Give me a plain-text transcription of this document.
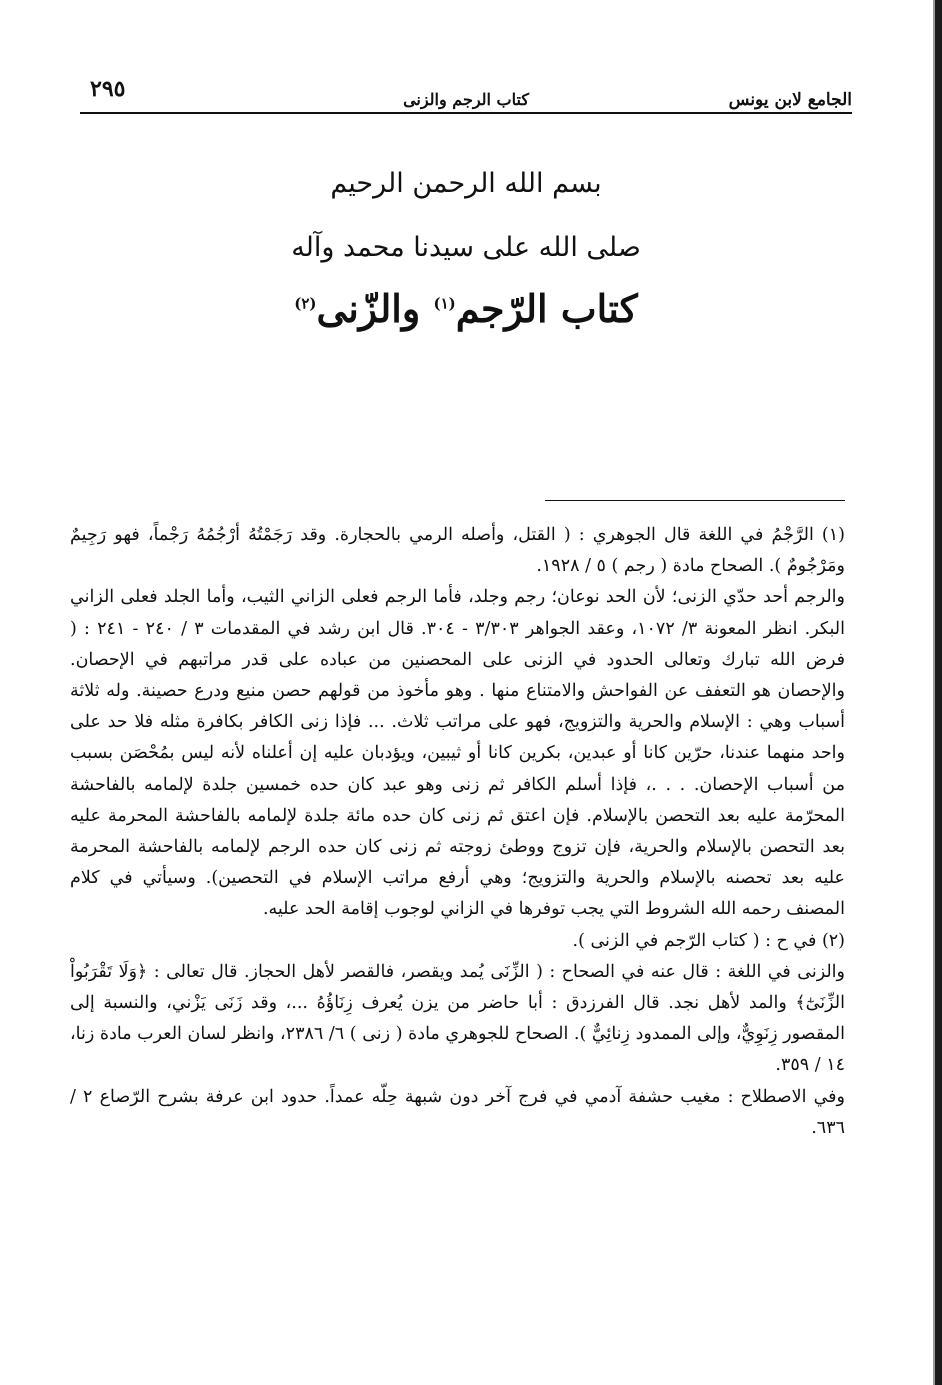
الجامع لابن يونس
كتاب الرجم والزنى
٢٩٥
بسم الله الرحمن الرحيم
صلى الله على سيدنا محمد وآله
كتاب الرّجم$^{(١)}$ والزّنى$^{(٢)}$

(١) الرَّجْمُ في اللغة قال الجوهري : ( القتل، وأصله الرمي بالحجارة. وقد رَجَمْتُهُ أرْجُمُهُ رَجْماً، فهو رَجِيمٌ ومَرْجُومٌ ). الصحاح مادة ( رجم ) ٥ / ١٩٢٨.

والرجم أحد حدّي الزنى؛ لأن الحد نوعان؛ رجم وجلد، فأما الرجم فعلى الزاني الثيب، وأما الجلد فعلى الزاني البكر. انظر المعونة ٣/ ١٠٧٢، وعقد الجواهر ٣/٣٠٣ - ٣٠٤. قال ابن رشد في المقدمات ٣ / ٢٤٠ - ٢٤١ : ( فرض الله تبارك وتعالى الحدود في الزنى على المحصنين من عباده على قدر مراتبهم في الإحصان. والإحصان هو التعفف عن الفواحش والامتناع منها . وهو مأخوذ من قولهم حصن منيع ودرع حصينة. وله ثلاثة أسباب وهي : الإسلام والحرية والتزويج، فهو على مراتب ثلاث. ... فإذا زنى الكافر بكافرة مثله فلا حد على واحد منهما عندنا، حرّين كانا أو عبدين، بكرين كانا أو ثيبين، ويؤدبان عليه إن أعلناه لأنه ليس بمُحْصَن بسبب من أسباب الإحصان. . . .، فإذا أسلم الكافر ثم زنى وهو عبد كان حده خمسين جلدة لإلمامه بالفاحشة المحرّمة عليه بعد التحصن بالإسلام. فإن اعتق ثم زنى كان حده مائة جلدة لإلمامه بالفاحشة المحرمة عليه بعد التحصن بالإسلام والحرية، فإن تزوج ووطئ زوجته ثم زنى كان حده الرجم لإلمامه بالفاحشة المحرمة عليه بعد تحصنه بالإسلام والحرية والتزويج؛ وهي أرفع مراتب الإسلام في التحصين). وسيأتي في كلام المصنف رحمه الله الشروط التي يجب توفرها في الزاني لوجوب إقامة الحد عليه.

(٢) في ح : ( كتاب الرّجم في الزنى ).

والزنى في اللغة : قال عنه في الصحاح : ( الزِّنَى يُمد ويقصر، فالقصر لأهل الحجاز. قال تعالى : ﴿وَلَا تَقْرَبُواْ الزِّنَىٰٓ﴾ والمد لأهل نجد. قال الفرزدق : أبا حاضر من يزن يُعرف زِنَاؤُهُ ...، وقد زَنَى يَزْني، والنسبة إلى المقصور زِنَوِيٌّ، وإلى الممدود زِنائِيٌّ ). الصحاح للجوهري مادة ( زنى ) ٦/ ٢٣٨٦، وانظر لسان العرب مادة زنا، ١٤ / ٣٥٩.

وفي الاصطلاح : مغيب حشفة آدمي في فرج آخر دون شبهة حِلّه عمداً. حدود ابن عرفة بشرح الرّصاع ٢ / ٦٣٦.
